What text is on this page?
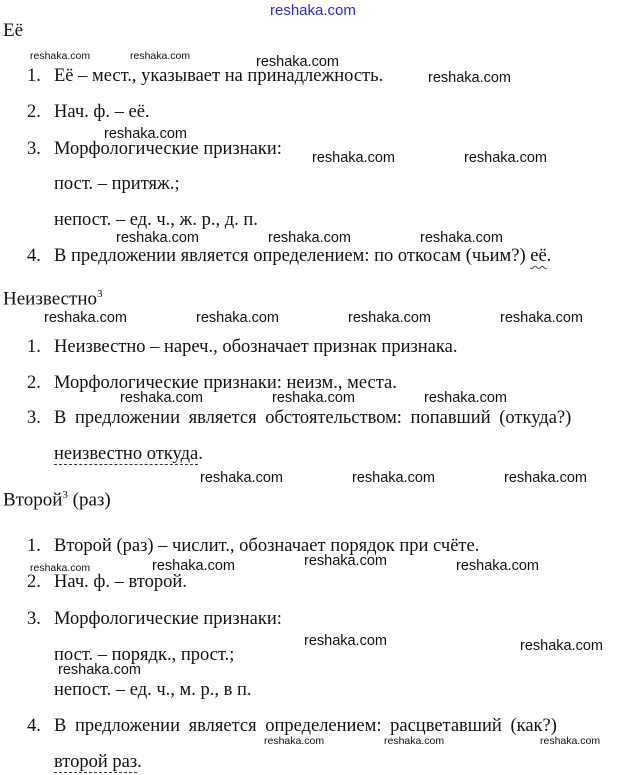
reshaka.com
Её
1. Её – мест., указывает на принадлежность.
2. Нач. ф. – её.
3. Морфологические признаки:
пост. – притяж.;
непост. – ед. ч., ж. р., д. п.
4. В предложении является определением: по откосам (чьим?) её.
Неизвестно$^3$
1. Неизвестно – нареч., обозначает признак признака.
2. Морфологические признаки: неизм., места.
3. В предложении является обстоятельством: попавший (откуда?)
неизвестно откуда.
Второй$^3$ (раз)
1. Второй (раз) – числит., обозначает порядок при счёте.
2. Нач. ф. – второй.
3. Морфологические признаки:
пост. – порядк., прост.;
непост. – ед. ч., м. р., в п.
4. В предложении является определением: расцветавший (как?)
второй раз.
reshaka.com	reshaka.com	reshaka.com
reshaka.com
reshaka.com
reshaka.com	reshaka.com
reshaka.com	reshaka.com	reshaka.com
reshaka.com	reshaka.com	reshaka.com	reshaka.com
reshaka.com	reshaka.com	reshaka.com
reshaka.com	reshaka.com	reshaka.com
reshaka.com	reshaka.com	reshaka.com	reshaka.com
reshaka.com	reshaka.com
reshaka.com
reshaka.com	reshaka.com	reshaka.com
